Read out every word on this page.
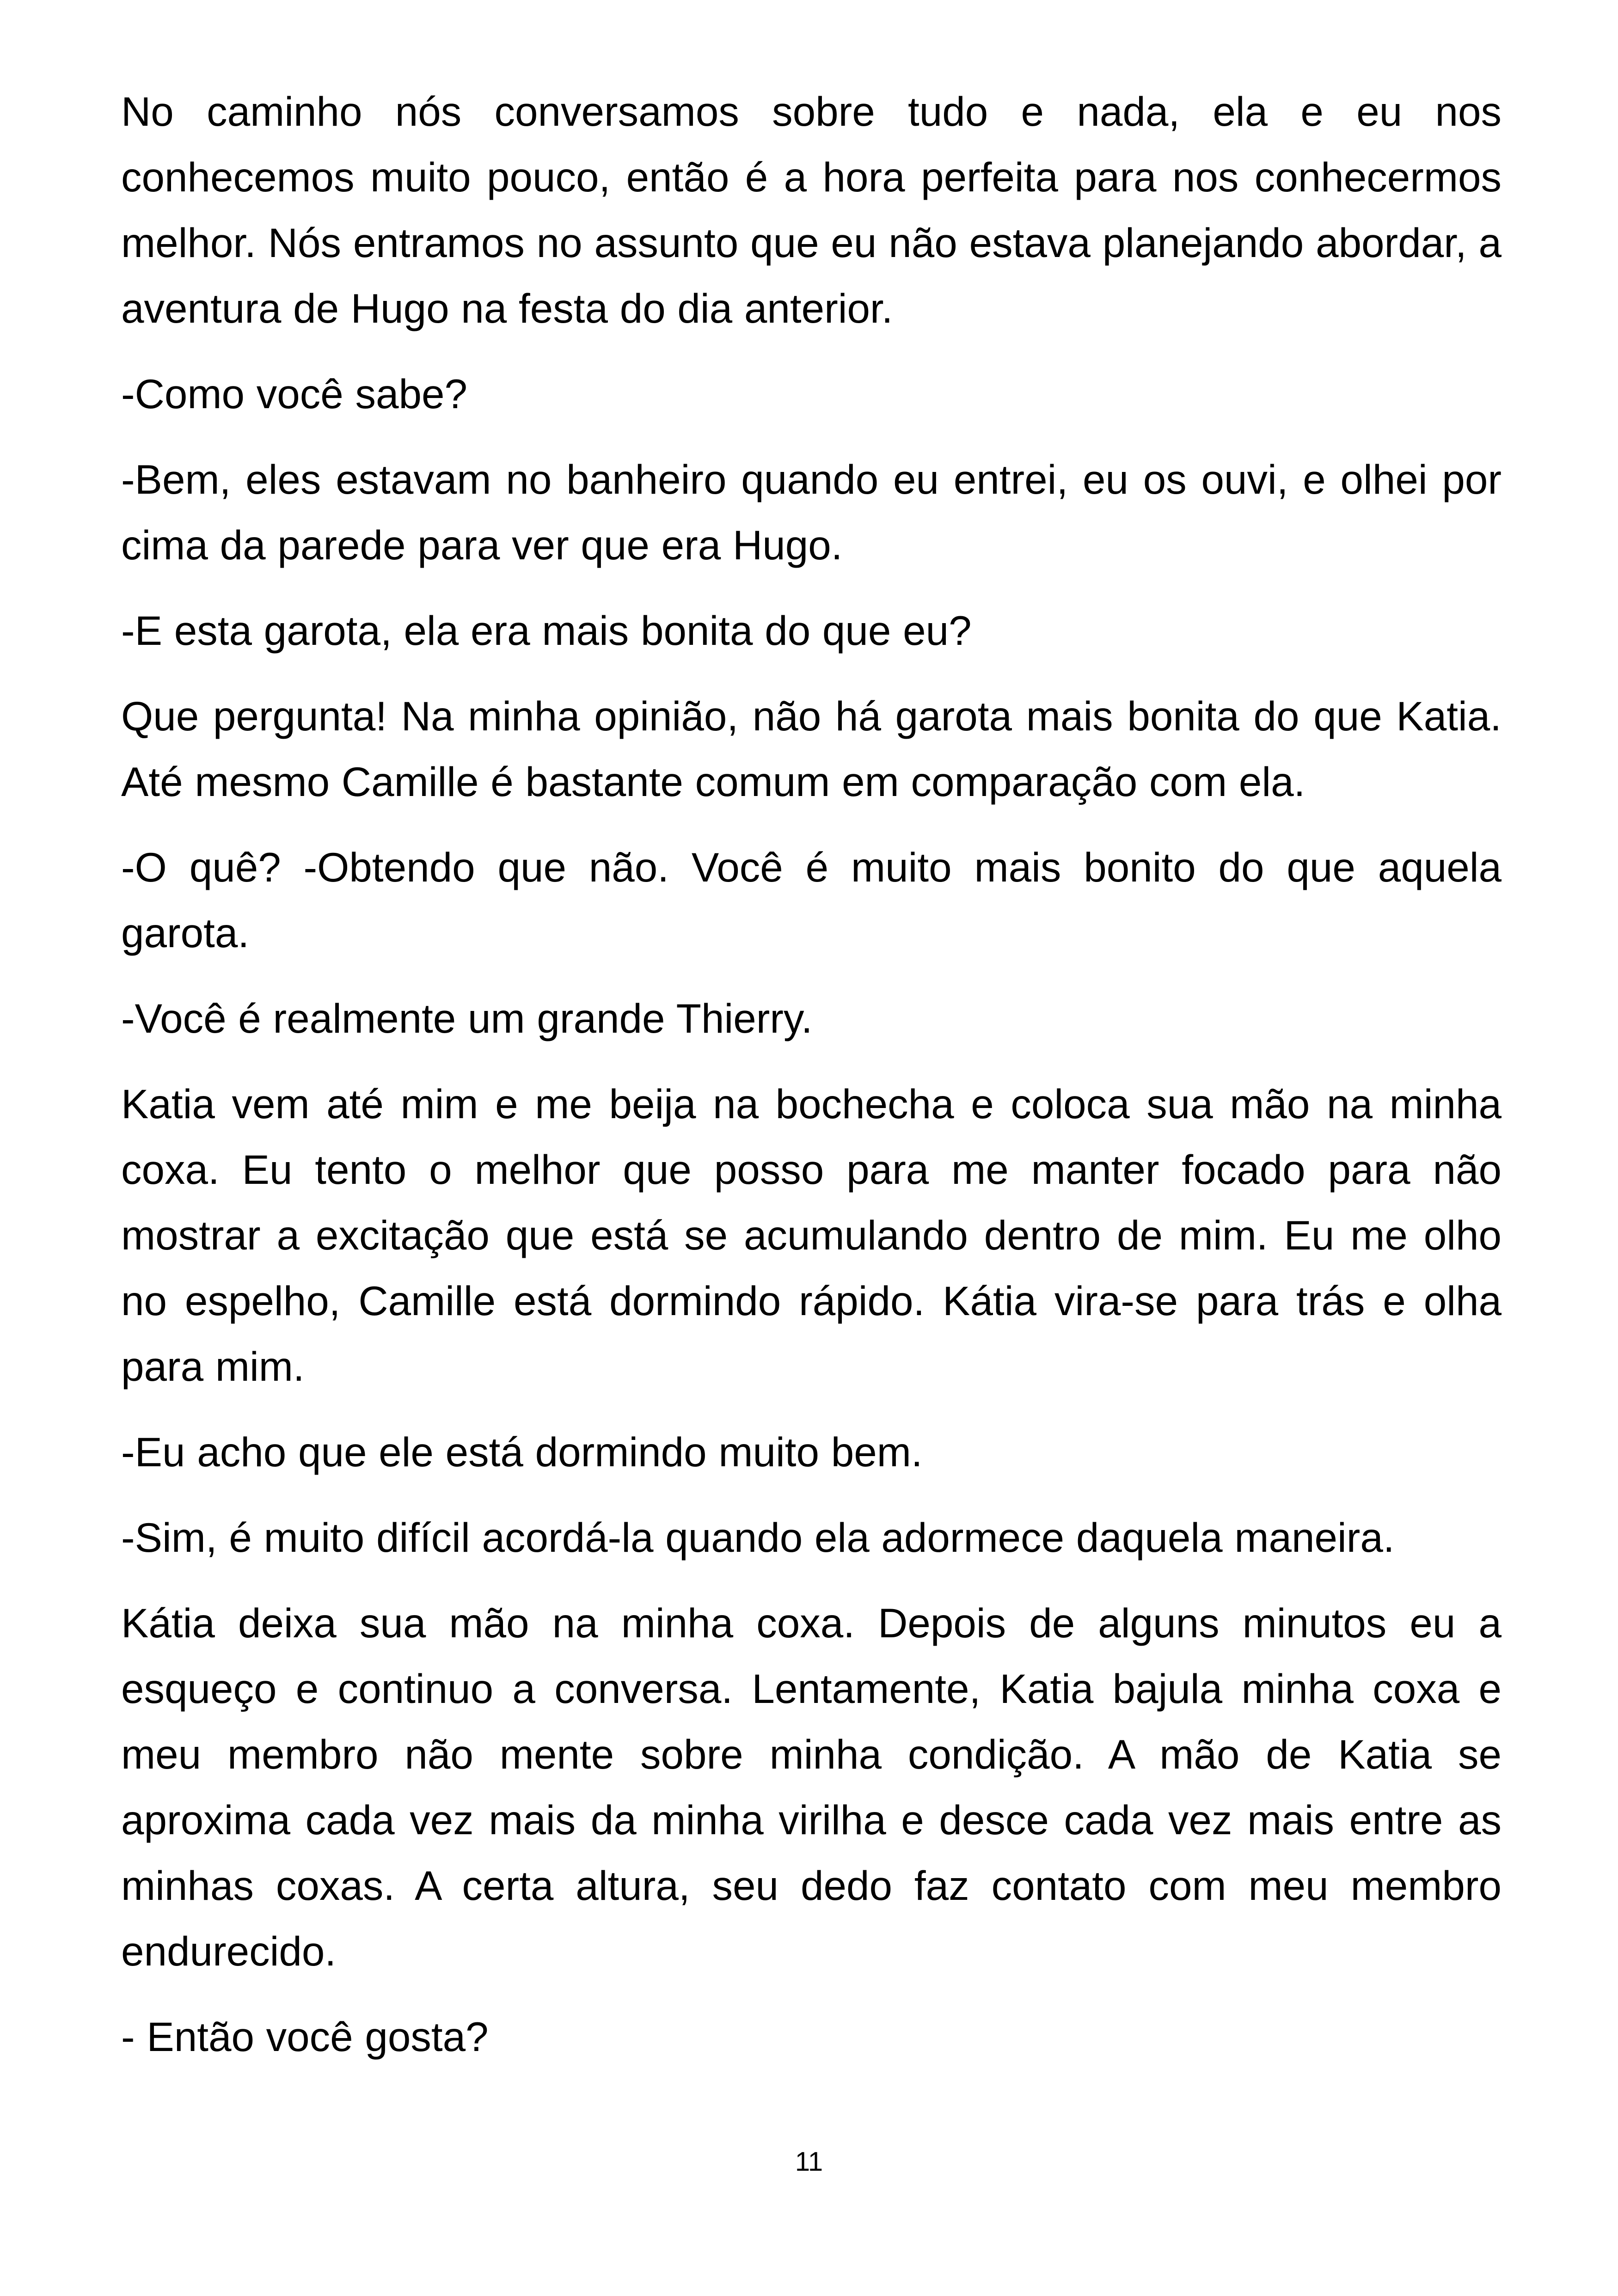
No caminho nós conversamos sobre tudo e nada, ela e eu nos conhecemos muito pouco, então é a hora perfeita para nos conhecermos melhor. Nós entramos no assunto que eu não estava planejando abordar, a aventura de Hugo na festa do dia anterior.

-Como você sabe?

-Bem, eles estavam no banheiro quando eu entrei, eu os ouvi, e olhei por cima da parede para ver que era Hugo.

-E esta garota, ela era mais bonita do que eu?

Que pergunta! Na minha opinião, não há garota mais bonita do que Katia. Até mesmo Camille é bastante comum em comparação com ela.

-O quê? -Obtendo que não. Você é muito mais bonito do que aquela garota.

-Você é realmente um grande Thierry.

Katia vem até mim e me beija na bochecha e coloca sua mão na minha coxa. Eu tento o melhor que posso para me manter focado para não mostrar a excitação que está se acumulando dentro de mim. Eu me olho no espelho, Camille está dormindo rápido. Kátia vira-se para trás e olha para mim.

-Eu acho que ele está dormindo muito bem.

-Sim, é muito difícil acordá-la quando ela adormece daquela maneira.

Kátia deixa sua mão na minha coxa. Depois de alguns minutos eu a esqueço e continuo a conversa. Lentamente, Katia bajula minha coxa e meu membro não mente sobre minha condição. A mão de Katia se aproxima cada vez mais da minha virilha e desce cada vez mais entre as minhas coxas. A certa altura, seu dedo faz contato com meu membro endurecido.

- Então você gosta?

11
